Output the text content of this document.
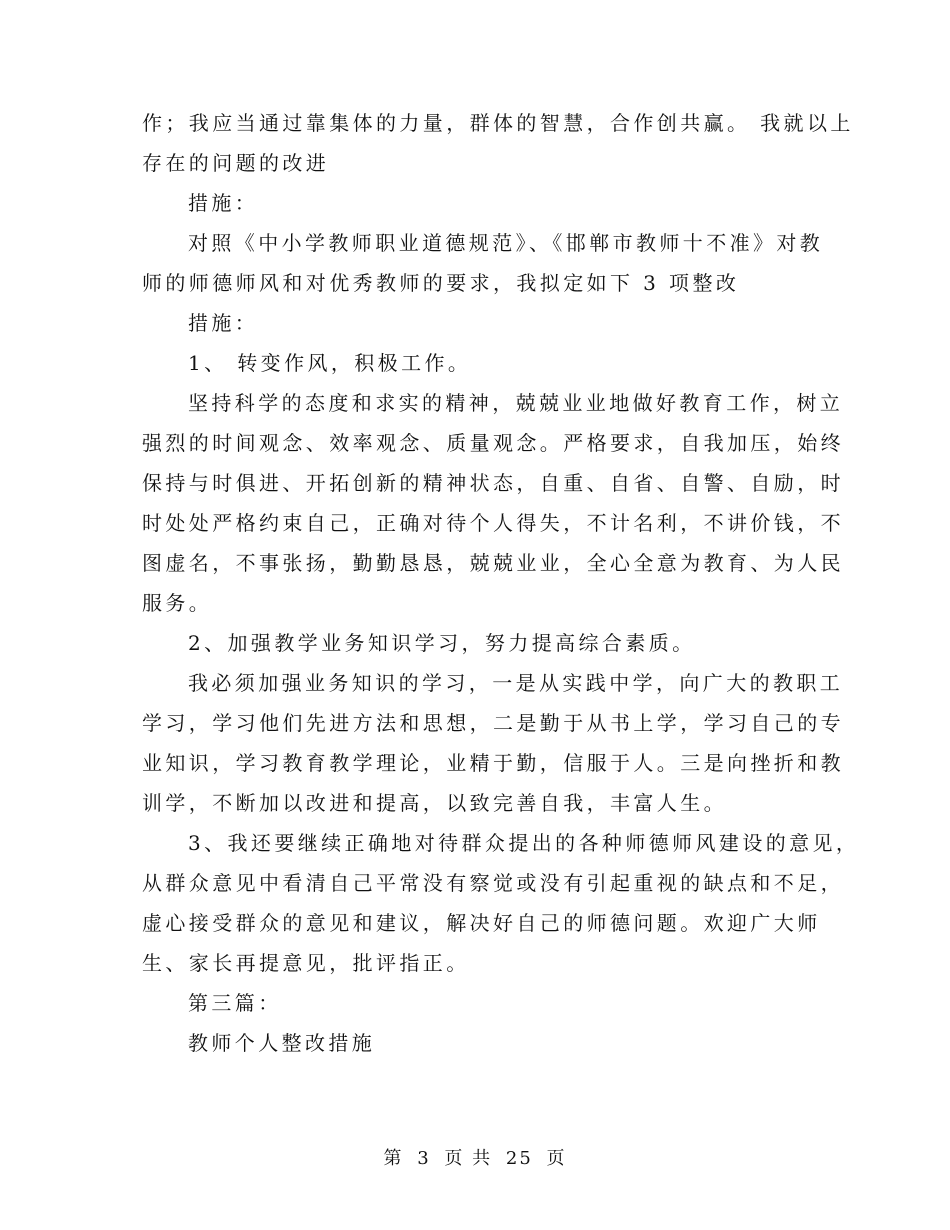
作；我应当通过靠集体的力量，群体的智慧，合作创共赢。 我就以上
存在的问题的改进
措施：
对照《中小学教师职业道德规范》、《邯郸市教师十不准》对教
师的师德师风和对优秀教师的要求，我拟定如下 3 项整改
措施：
1、 转变作风，积极工作。
坚持科学的态度和求实的精神，兢兢业业地做好教育工作，树立
强烈的时间观念、效率观念、质量观念。严格要求，自我加压，始终
保持与时俱进、开拓创新的精神状态，自重、自省、自警、自励，时
时处处严格约束自己，正确对待个人得失，不计名利，不讲价钱，不
图虚名，不事张扬，勤勤恳恳，兢兢业业，全心全意为教育、为人民
服务。
2、加强教学业务知识学习，努力提高综合素质。
我必须加强业务知识的学习，一是从实践中学，向广大的教职工
学习，学习他们先进方法和思想，二是勤于从书上学，学习自己的专
业知识，学习教育教学理论，业精于勤，信服于人。三是向挫折和教
训学，不断加以改进和提高，以致完善自我，丰富人生。
3、我还要继续正确地对待群众提出的各种师德师风建设的意见，
从群众意见中看清自己平常没有察觉或没有引起重视的缺点和不足，
虚心接受群众的意见和建议，解决好自己的师德问题。欢迎广大师
生、家长再提意见，批评指正。
第三篇：
教师个人整改措施
第 3 页 共 25 页
